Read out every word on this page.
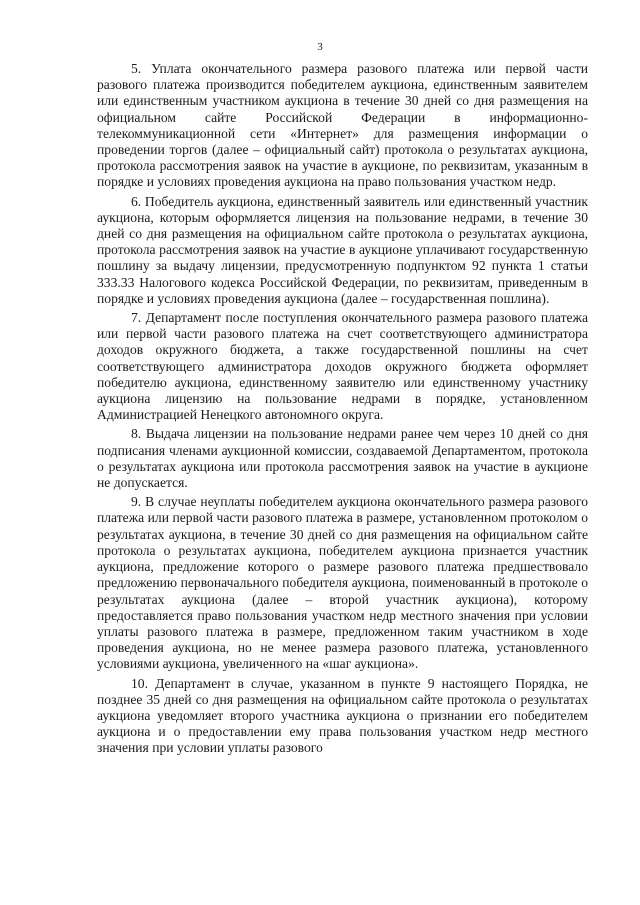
3

5. Уплата окончательного размера разового платежа или первой части разового платежа производится победителем аукциона, единственным заявителем или единственным участником аукциона в течение 30 дней со дня размещения на официальном сайте Российской Федерации в информационно-телекоммуникационной сети «Интернет» для размещения информации о проведении торгов (далее – официальный сайт) протокола о результатах аукциона, протокола рассмотрения заявок на участие в аукционе, по реквизитам, указанным в порядке и условиях проведения аукциона на право пользования участком недр.

6. Победитель аукциона, единственный заявитель или единственный участник аукциона, которым оформляется лицензия на пользование недрами, в течение 30 дней со дня размещения на официальном сайте протокола о результатах аукциона, протокола рассмотрения заявок на участие в аукционе уплачивают государственную пошлину за выдачу лицензии, предусмотренную подпунктом 92 пункта 1 статьи 333.33 Налогового кодекса Российской Федерации, по реквизитам, приведенным в порядке и условиях проведения аукциона (далее – государственная пошлина).

7. Департамент после поступления окончательного размера разового платежа или первой части разового платежа на счет соответствующего администратора доходов окружного бюджета, а также государственной пошлины на счет соответствующего администратора доходов окружного бюджета оформляет победителю аукциона, единственному заявителю или единственному участнику аукциона лицензию на пользование недрами в порядке, установленном Администрацией Ненецкого автономного округа.

8. Выдача лицензии на пользование недрами ранее чем через 10 дней со дня подписания членами аукционной комиссии, создаваемой Департаментом, протокола о результатах аукциона или протокола рассмотрения заявок на участие в аукционе не допускается.

9. В случае неуплаты победителем аукциона окончательного размера разового платежа или первой части разового платежа в размере, установленном протоколом о результатах аукциона, в течение 30 дней со дня размещения на официальном сайте протокола о результатах аукциона, победителем аукциона признается участник аукциона, предложение которого о размере разового платежа предшествовало предложению первоначального победителя аукциона, поименованный в протоколе о результатах аукциона (далее – второй участник аукциона), которому предоставляется право пользования участком недр местного значения при условии уплаты разового платежа в размере, предложенном таким участником в ходе проведения аукциона, но не менее размера разового платежа, установленного условиями аукциона, увеличенного на «шаг аукциона».

10. Департамент в случае, указанном в пункте 9 настоящего Порядка, не позднее 35 дней со дня размещения на официальном сайте протокола о результатах аукциона уведомляет второго участника аукциона о признании его победителем аукциона и о предоставлении ему права пользования участком недр местного значения при условии уплаты разового
